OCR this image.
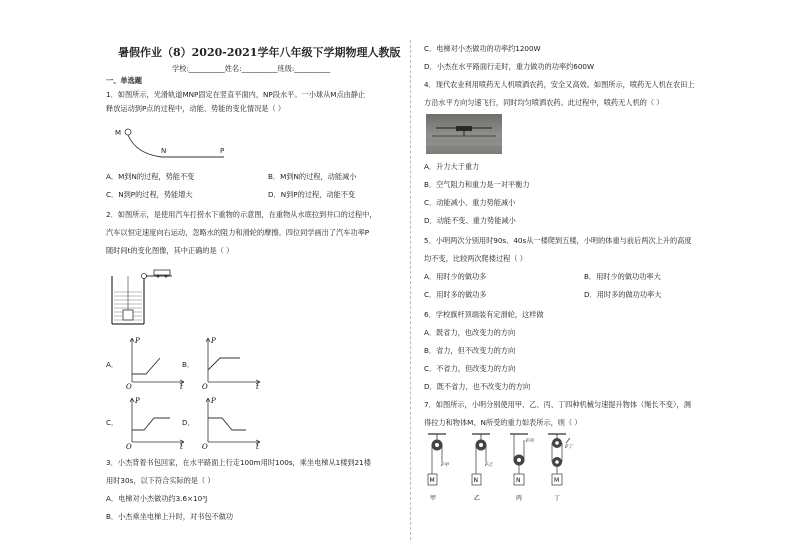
暑假作业（8）2020-2021学年八年级下学期物理人教版
学校:__________姓名:__________班级:__________
一、单选题
1．如图所示，光滑轨道MNP固定在竖直平面内，NP段水平。一小球从M点由静止
释放运动到P点的过程中，动能、势能的变化情况是（ ）
M
N	P
A．M到N的过程，势能不变	B．M到N的过程，动能减小
C．N到P的过程，势能增大	D．N到P的过程，动能不变
2．如图所示，是使用汽车打捞水下重物的示意图，在重物从水底拉到井口的过程中，
汽车以恒定速度向右运动，忽略水的阻力和滑轮的摩擦。四位同学画出了汽车功率P
随时间t的变化图像，其中正确的是（ ）
A．
P
O	t
B．
P
O	t
C．
P
O	t
D．
P
O	t
3．小杰背着书包回家，在水平路面上行走100m用时100s，乘坐电梯从1楼到21楼
用时30s，以下符合实际的是（ ）
A．电梯对小杰做功约3.6×10³J
B．小杰乘坐电梯上升时，对书包不做功
C．电梯对小杰做功的功率约1200W
D．小杰在水平路面行走时，重力做功的功率约600W
4．现代农业利用喷药无人机喷洒农药，安全又高效。如图所示，喷药无人机在农田上
方沿水平方向匀速飞行，同时均匀喷洒农药。此过程中，喷药无人机的（ ）
A．升力大于重力
B．空气阻力和重力是一对平衡力
C．动能减小、重力势能减小
D．动能不变、重力势能减小
5．小明两次分别用时90s、40s从一楼爬到五楼，小明的体重与前后两次上升的高度
均不变，比较两次爬楼过程（ ）
A．用时少的做功多	B．用时少的做功功率大
C．用时多的做功多	D．用时多的做功功率大
6．学校旗杆顶端装有定滑轮，这样做
A．既省力，也改变力的方向
B．省力，但不改变力的方向
C．不省力，但改变力的方向
D．既不省力，也不改变力的方向
7．如图所示，小明分别使用甲、乙、丙、丁四种机械匀速提升物体（绳长不变），测
得拉力和物体M、N所受的重力如表所示，则（ ）
M
F甲
甲
N
F乙
乙
N
F丙
丙
M
F丁
丁
